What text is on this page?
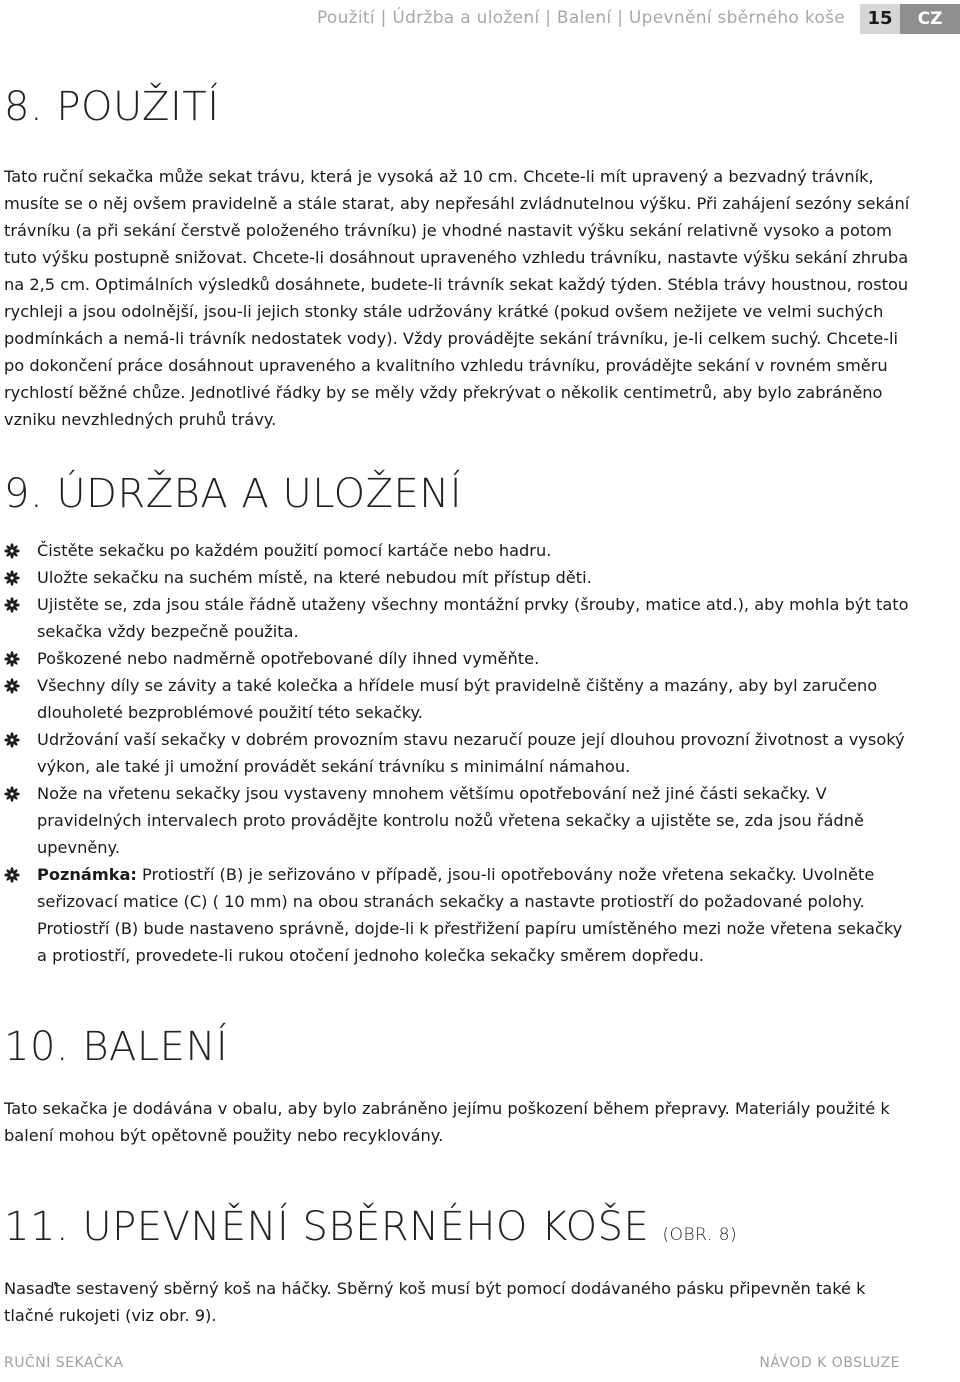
Použití | Údržba a uložení | Balení | Upevnění sběrného koše	15	CZ
8. POUŽITÍ

Tato ruční sekačka může sekat trávu, která je vysoká až 10 cm. Chcete-li mít upravený a bezvadný trávník, musíte se o něj ovšem pravidelně a stále starat, aby nepřesáhl zvládnutelnou výšku. Při zahájení sezóny sekání trávníku (a při sekání čerstvě položeného trávníku) je vhodné nastavit výšku sekání relativně vysoko a potom tuto výšku postupně snižovat. Chcete-li dosáhnout upraveného vzhledu trávníku, nastavte výšku sekání zhruba na 2,5 cm. Optimálních výsledků dosáhnete, budete-li trávník sekat každý týden. Stébla trávy houstnou, rostou rychleji a jsou odolnější, jsou-li jejich stonky stále udržovány krátké (pokud ovšem nežijete ve velmi suchých podmínkách a nemá-li trávník nedostatek vody). Vždy provádějte sekání trávníku, je-li celkem suchý. Chcete-li po dokončení práce dosáhnout upraveného a kvalitního vzhledu trávníku, provádějte sekání v rovném směru rychlostí běžné chůze. Jednotlivé řádky by se měly vždy překrývat o několik centimetrů, aby bylo zabráněno vzniku nevzhledných pruhů trávy.

9. ÚDRŽBA A ULOŽENÍ
Čistěte sekačku po každém použití pomocí kartáče nebo hadru.
Uložte sekačku na suchém místě, na které nebudou mít přístup děti.
Ujistěte se, zda jsou stále řádně utaženy všechny montážní prvky (šrouby, matice atd.), aby mohla být tato sekačka vždy bezpečně použita.
Poškozené nebo nadměrně opotřebované díly ihned vyměňte.
Všechny díly se závity a také kolečka a hřídele musí být pravidelně čištěny a mazány, aby byl zaručeno dlouholeté bezproblémové použití této sekačky.
Udržování vaší sekačky v dobrém provozním stavu nezaručí pouze její dlouhou provozní životnost a vysoký výkon, ale také ji umožní provádět sekání trávníku s minimální námahou.
Nože na vřetenu sekačky jsou vystaveny mnohem většímu opotřebování než jiné části sekačky. V pravidelných intervalech proto provádějte kontrolu nožů vřetena sekačky a ujistěte se, zda jsou řádně upevněny.
Poznámka: Protiostří (B) je seřizováno v případě, jsou-li opotřebovány nože vřetena sekačky. Uvolněte seřizovací matice (C) ( 10 mm) na obou stranách sekačky a nastavte protiostří do požadované polohy. Protiostří (B) bude nastaveno správně, dojde-li k přestřižení papíru umístěného mezi nože vřetena sekačky a protiostří, provedete-li rukou otočení jednoho kolečka sekačky směrem dopředu.
10. BALENÍ

Tato sekačka je dodávána v obalu, aby bylo zabráněno jejímu poškození během přepravy. Materiály použité k balení mohou být opětovně použity nebo recyklovány.

11. UPEVNĚNÍ SBĚRNÉHO KOŠE (OBR. 8)

Nasaďte sestavený sběrný koš na háčky. Sběrný koš musí být pomocí dodávaného pásku připevněn také k tlačné rukojeti (viz obr. 9).

RUČNÍ SEKAČKA	NÁVOD K OBSLUZE
